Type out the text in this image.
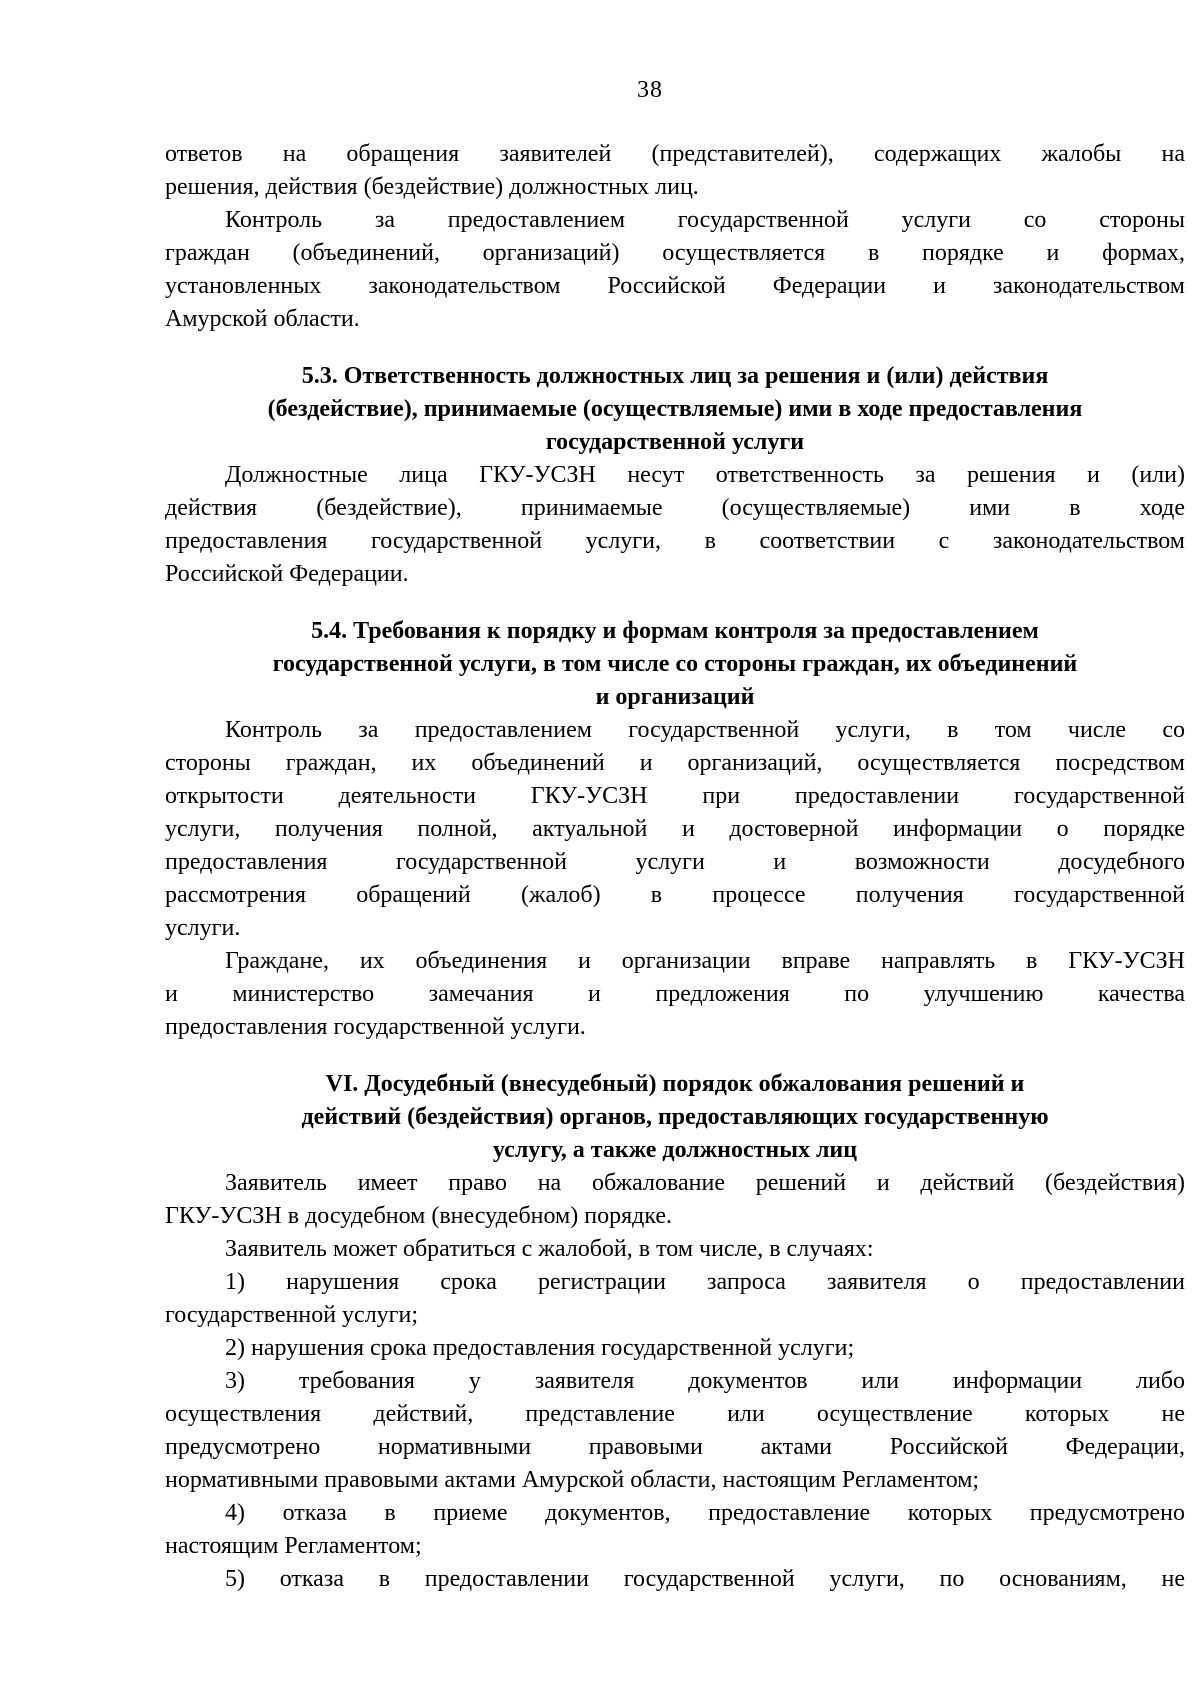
38
ответов на обращения заявителей (представителей), содержащих жалобы на
решения, действия (бездействие) должностных лиц.
Контроль за предоставлением государственной услуги со стороны
граждан (объединений, организаций) осуществляется в порядке и формах,
установленных законодательством Российской Федерации и законодательством
Амурской области.
5.3. Ответственность должностных лиц за решения и (или) действия
(бездействие), принимаемые (осуществляемые) ими в ходе предоставления
государственной услуги
Должностные лица ГКУ-УСЗН несут ответственность за решения и (или)
действия (бездействие), принимаемые (осуществляемые) ими в ходе
предоставления государственной услуги, в соответствии с законодательством
Российской Федерации.
5.4. Требования к порядку и формам контроля за предоставлением
государственной услуги, в том числе со стороны граждан, их объединений
и организаций
Контроль за предоставлением государственной услуги, в том числе со
стороны граждан, их объединений и организаций, осуществляется посредством
открытости деятельности ГКУ-УСЗН при предоставлении государственной
услуги, получения полной, актуальной и достоверной информации о порядке
предоставления государственной услуги и возможности досудебного
рассмотрения обращений (жалоб) в процессе получения государственной
услуги.
Граждане, их объединения и организации вправе направлять в ГКУ-УСЗН
и министерство замечания и предложения по улучшению качества
предоставления государственной услуги.
VI. Досудебный (внесудебный) порядок обжалования решений и
действий (бездействия) органов, предоставляющих государственную
услугу, а также должностных лиц
Заявитель имеет право на обжалование решений и действий (бездействия)
ГКУ-УСЗН в досудебном (внесудебном) порядке.
Заявитель может обратиться с жалобой, в том числе, в случаях:
1) нарушения срока регистрации запроса заявителя о предоставлении
государственной услуги;
2) нарушения срока предоставления государственной услуги;
3) требования у заявителя документов или информации либо
осуществления действий, представление или осуществление которых не
предусмотрено нормативными правовыми актами Российской Федерации,
нормативными правовыми актами Амурской области, настоящим Регламентом;
4) отказа в приеме документов, предоставление которых предусмотрено
настоящим Регламентом;
5) отказа в предоставлении государственной услуги, по основаниям, не
